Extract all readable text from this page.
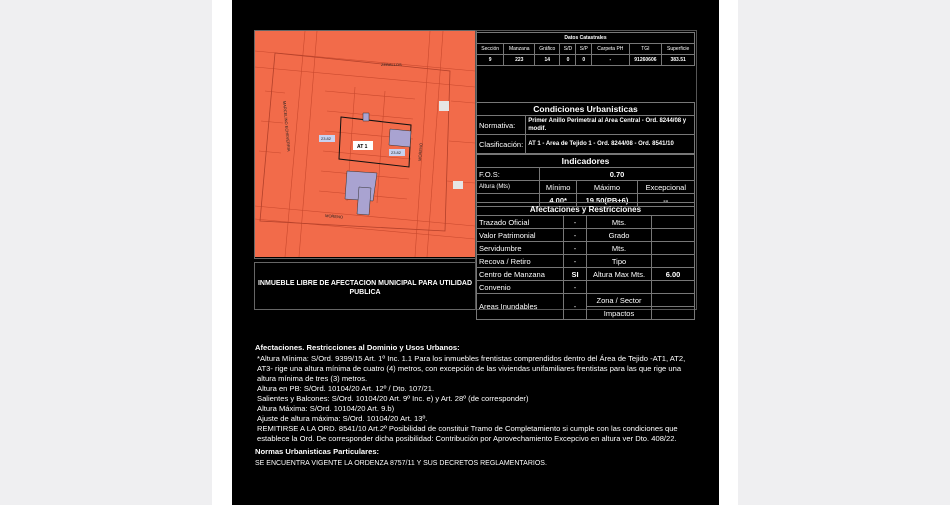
ZEBALLOS
MARCELINO ECHEVERRIA
MORENO
MORENO
AT 1
23.82
23.82
INMUEBLE LIBRE DE AFECTACION MUNICIPAL PARA UTILIDAD
PUBLICA
Datos Catastrales							
Sección	Manzana	Gráfico	S/D	S/P	Carpeta PH	TGI	Superficie
9	223	14	0	0	-	91260606	383.51
Condiciones Urbanisticas	
Normativa:	Primer Anillo Perimetral al Area Central - Ord. 8244/08 y
modif.

Clasificación:	AT 1 - Area de Tejido 1 - Ord. 8244/08 - Ord. 8541/10
Indicadores			
F.O.S:	0.70		
Altura (Mts)	Mínimo	Máximo	Excepcional
	4.00*	19.50(PB+6)	--
Afectaciones y Restricciones			
Trazado Oficial	-	Mts.	
Valor Patrimonial	-	Grado	
Servidumbre	-	Mts.	
Recova / Retiro	-	Tipo	
Centro de Manzana	SI	Altura Max Mts.	6.00
Convenio	-		
Areas Inundables	-	Zona / Sector	
		Impactos	
Afectaciones. Restricciones al Dominio y Usos Urbanos:
*Altura Mínima: S/Ord. 9399/15 Art. 1º Inc. 1.1 Para los inmuebles frentistas comprendidos dentro del Área de Tejido -AT1, AT2,
AT3- rige una altura mínima de cuatro (4) metros, con excepción de las viviendas unifamiliares frentistas para las que rige una
altura mínima de tres (3) metros.
Altura en PB: S/Ord. 10104/20 Art. 12º / Dto. 107/21.
Salientes y Balcones: S/Ord. 10104/20 Art. 9º Inc. e) y Art. 28º (de corresponder)
Altura Máxima: S/Ord. 10104/20 Art. 9.b)
Ajuste de altura máxima: S/Ord. 10104/20 Art. 13º.
REMITIRSE A LA ORD. 8541/10 Art.2º Posibilidad de constituir Tramo de Completamiento si cumple con las condiciones que
establece la Ord. De corresponder dicha posibilidad: Contribución por Aprovechamiento Excepcivo en altura ver Dto. 408/22.
Normas Urbanisticas Particulares:
SE ENCUENTRA VIGENTE LA ORDENZA 8757/11 Y SUS DECRETOS REGLAMENTARIOS.
